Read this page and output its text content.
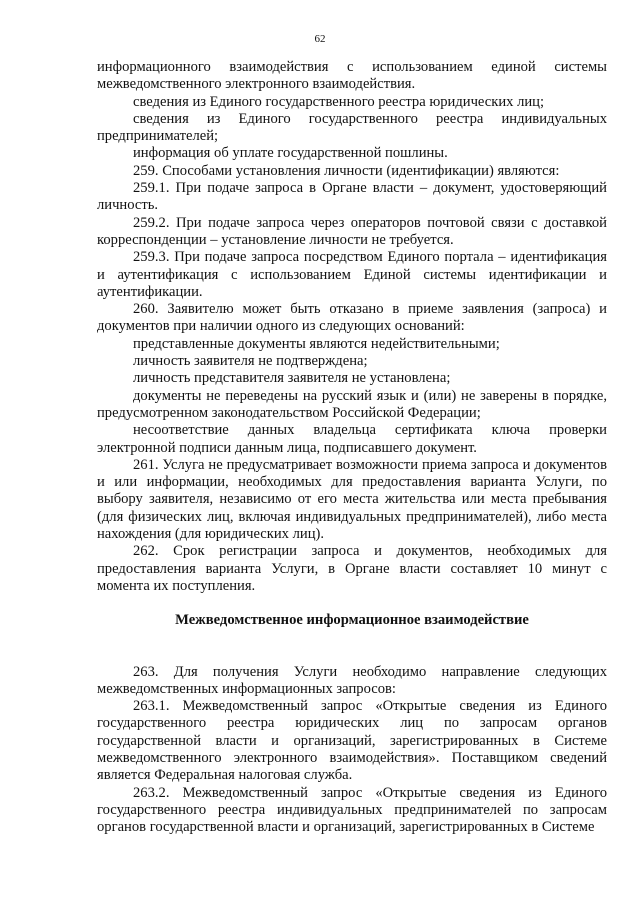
62

информационного взаимодействия с использованием единой системы межведомственного электронного взаимодействия.

сведения из Единого государственного реестра юридических лиц;

сведения из Единого государственного реестра индивидуальных предпринимателей;

информация об уплате государственной пошлины.

259. Способами установления личности (идентификации) являются:

259.1. При подаче запроса в Органе власти – документ, удостоверяющий личность.

259.2. При подаче запроса через операторов почтовой связи с доставкой корреспонденции – установление личности не требуется.

259.3. При подаче запроса посредством Единого портала – идентификация и аутентификация с использованием Единой системы идентификации и аутентификации.

260. Заявителю может быть отказано в приеме заявления (запроса) и документов при наличии одного из следующих оснований:

представленные документы являются недействительными;

личность заявителя не подтверждена;

личность представителя заявителя не установлена;

документы не переведены на русский язык и (или) не заверены в порядке, предусмотренном законодательством Российской Федерации;

несоответствие данных владельца сертификата ключа проверки электронной подписи данным лица, подписавшего документ.

261. Услуга не предусматривает возможности приема запроса и документов и или информации, необходимых для предоставления варианта Услуги, по выбору заявителя, независимо от его места жительства или места пребывания (для физических лиц, включая индивидуальных предпринимателей), либо места нахождения (для юридических лиц).

262. Срок регистрации запроса и документов, необходимых для предоставления варианта Услуги, в Органе власти составляет 10 минут с момента их поступления.

Межведомственное информационное взаимодействие

263. Для получения Услуги необходимо направление следующих межведомственных информационных запросов:

263.1. Межведомственный запрос «Открытые сведения из Единого государственного реестра юридических лиц по запросам органов государственной власти и организаций, зарегистрированных в Системе межведомственного электронного взаимодействия». Поставщиком сведений является Федеральная налоговая служба.

263.2. Межведомственный запрос «Открытые сведения из Единого государственного реестра индивидуальных предпринимателей по запросам органов государственной власти и организаций, зарегистрированных в Системе
